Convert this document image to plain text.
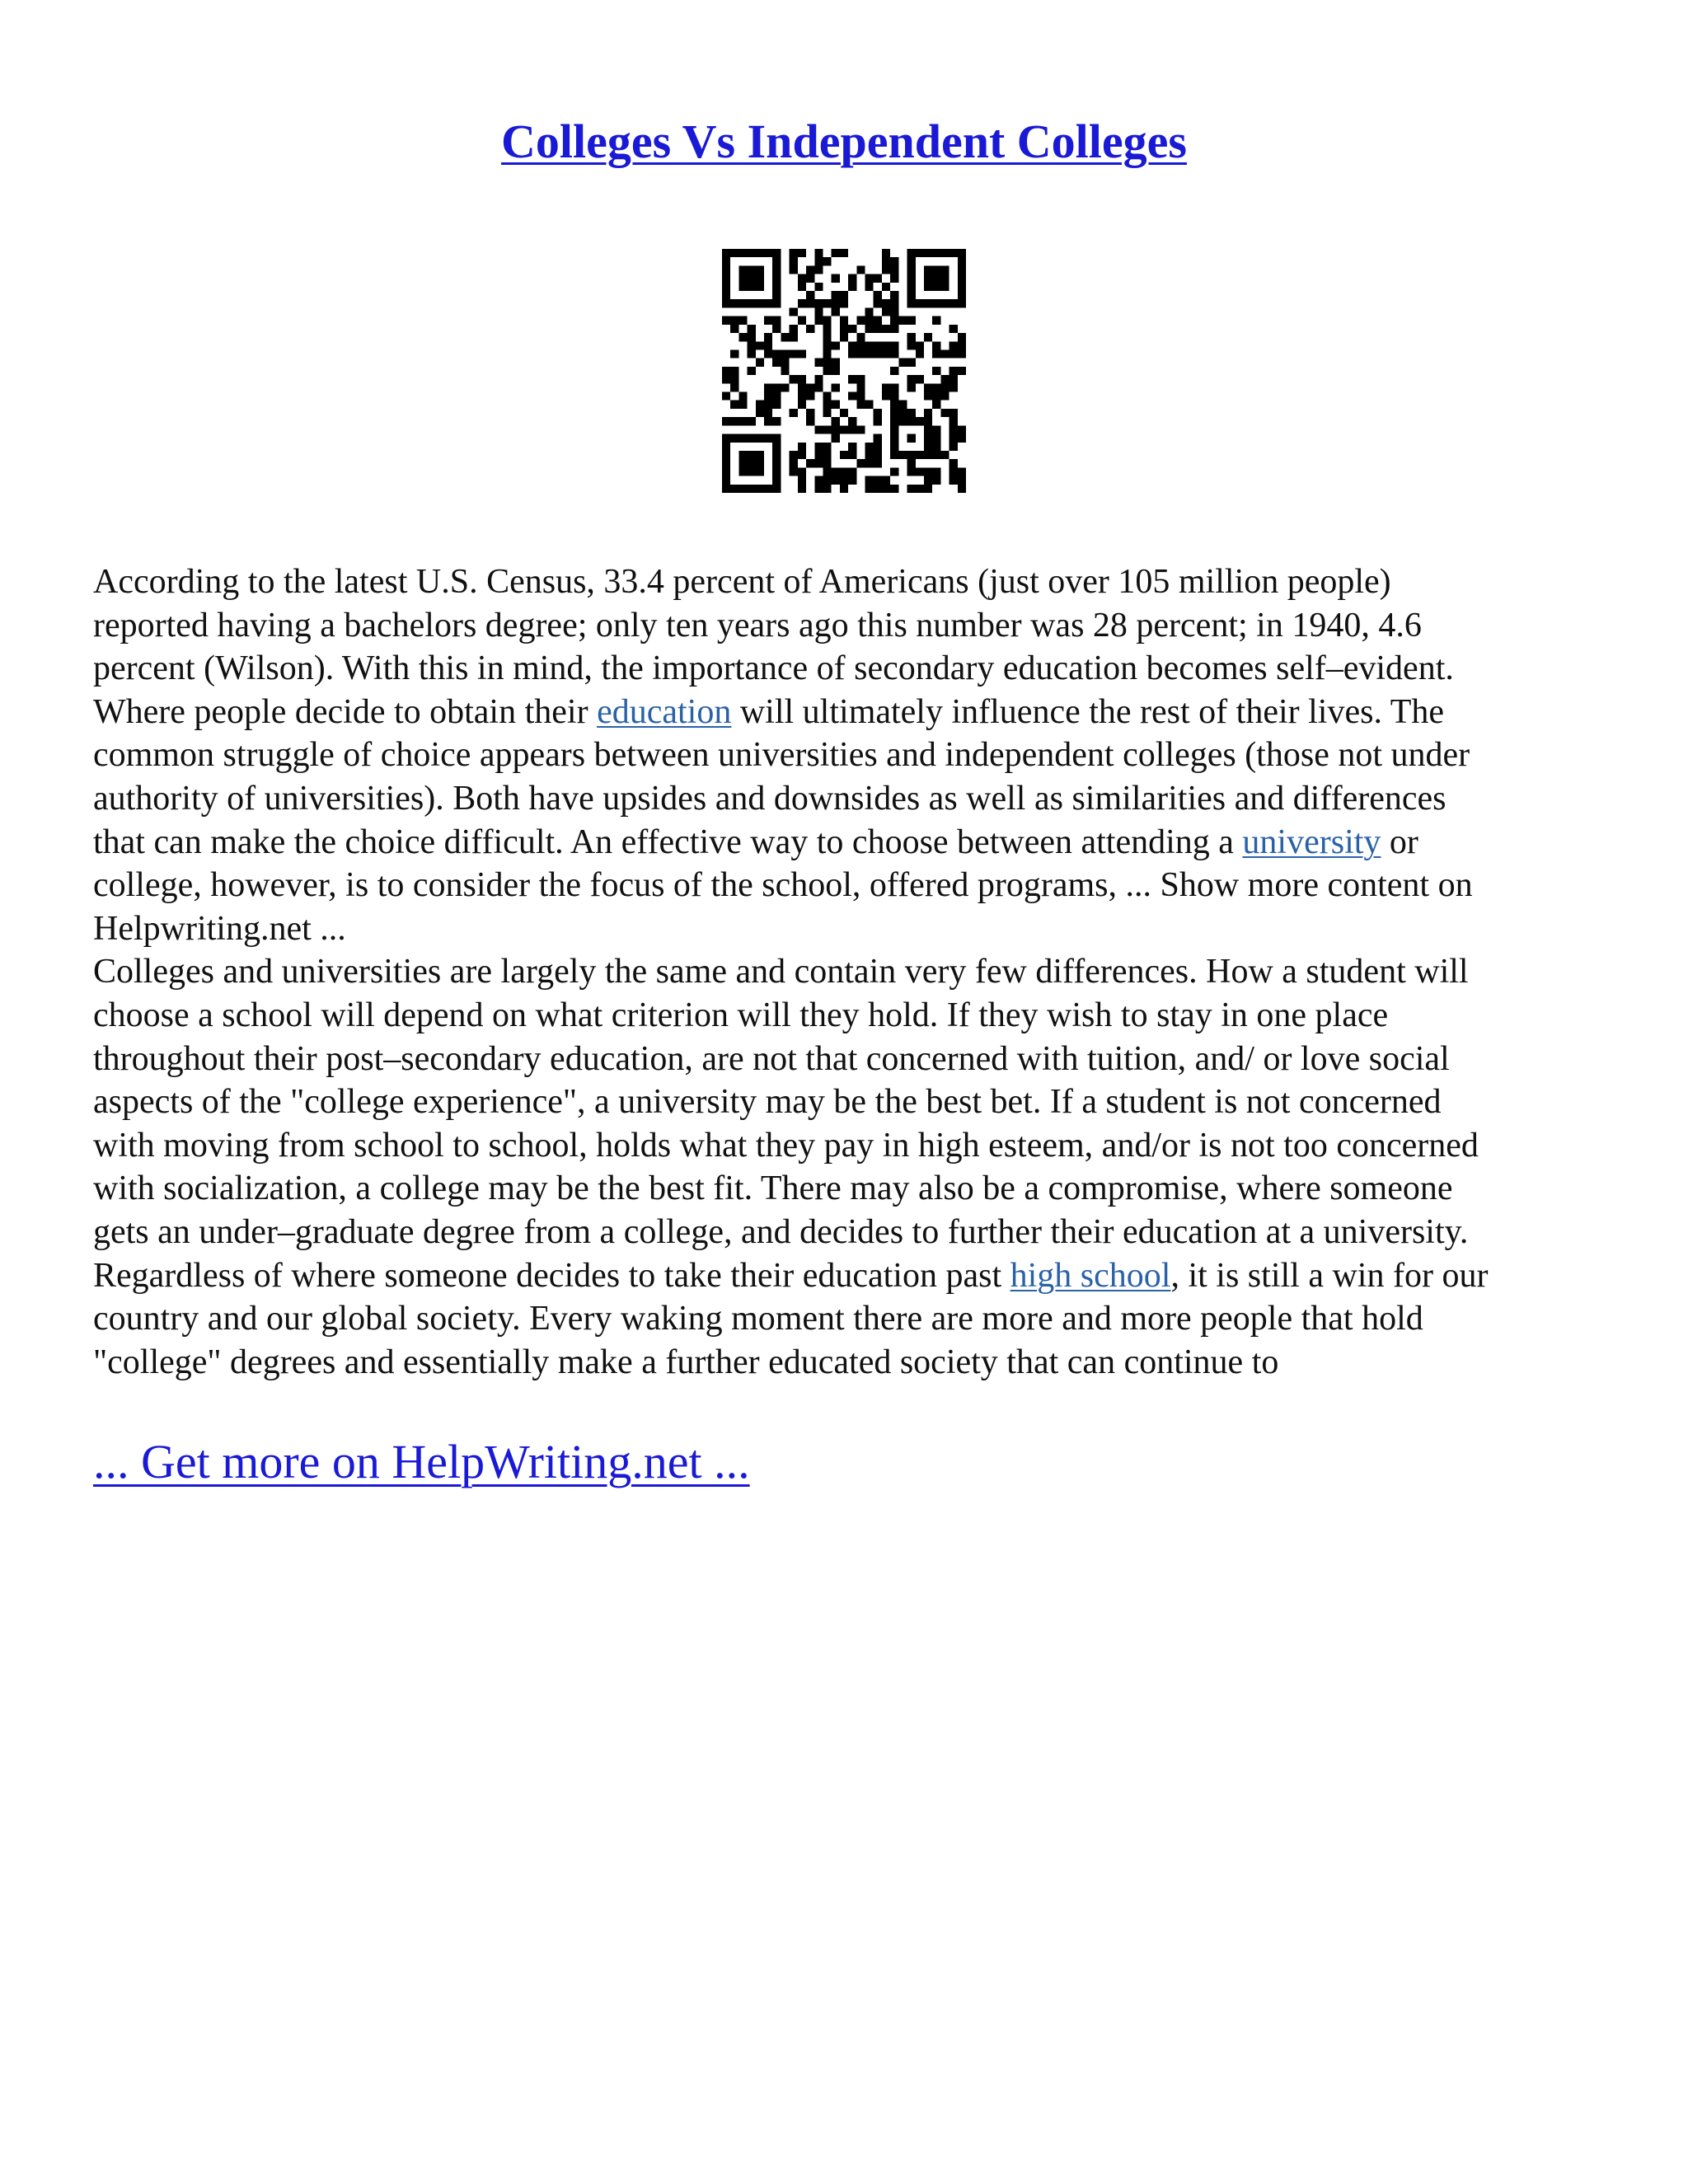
Colleges Vs Independent Colleges

According to the latest U.S. Census, 33.4 percent of Americans (just over 105 million people)
reported having a bachelors degree; only ten years ago this number was 28 percent; in 1940, 4.6
percent (Wilson). With this in mind, the importance of secondary education becomes self–evident.
Where people decide to obtain their education will ultimately influence the rest of their lives. The
common struggle of choice appears between universities and independent colleges (those not under
authority of universities). Both have upsides and downsides as well as similarities and differences
that can make the choice difficult. An effective way to choose between attending a university or
college, however, is to consider the focus of the school, offered programs, ... Show more content on
Helpwriting.net ...

Colleges and universities are largely the same and contain very few differences. How a student will
choose a school will depend on what criterion will they hold. If they wish to stay in one place
throughout their post–secondary education, are not that concerned with tuition, and/ or love social
aspects of the "college experience", a university may be the best bet. If a student is not concerned
with moving from school to school, holds what they pay in high esteem, and/or is not too concerned
with socialization, a college may be the best fit. There may also be a compromise, where someone
gets an under–graduate degree from a college, and decides to further their education at a university.
Regardless of where someone decides to take their education past high school, it is still a win for our
country and our global society. Every waking moment there are more and more people that hold
"college" degrees and essentially make a further educated society that can continue to

... Get more on HelpWriting.net ...
